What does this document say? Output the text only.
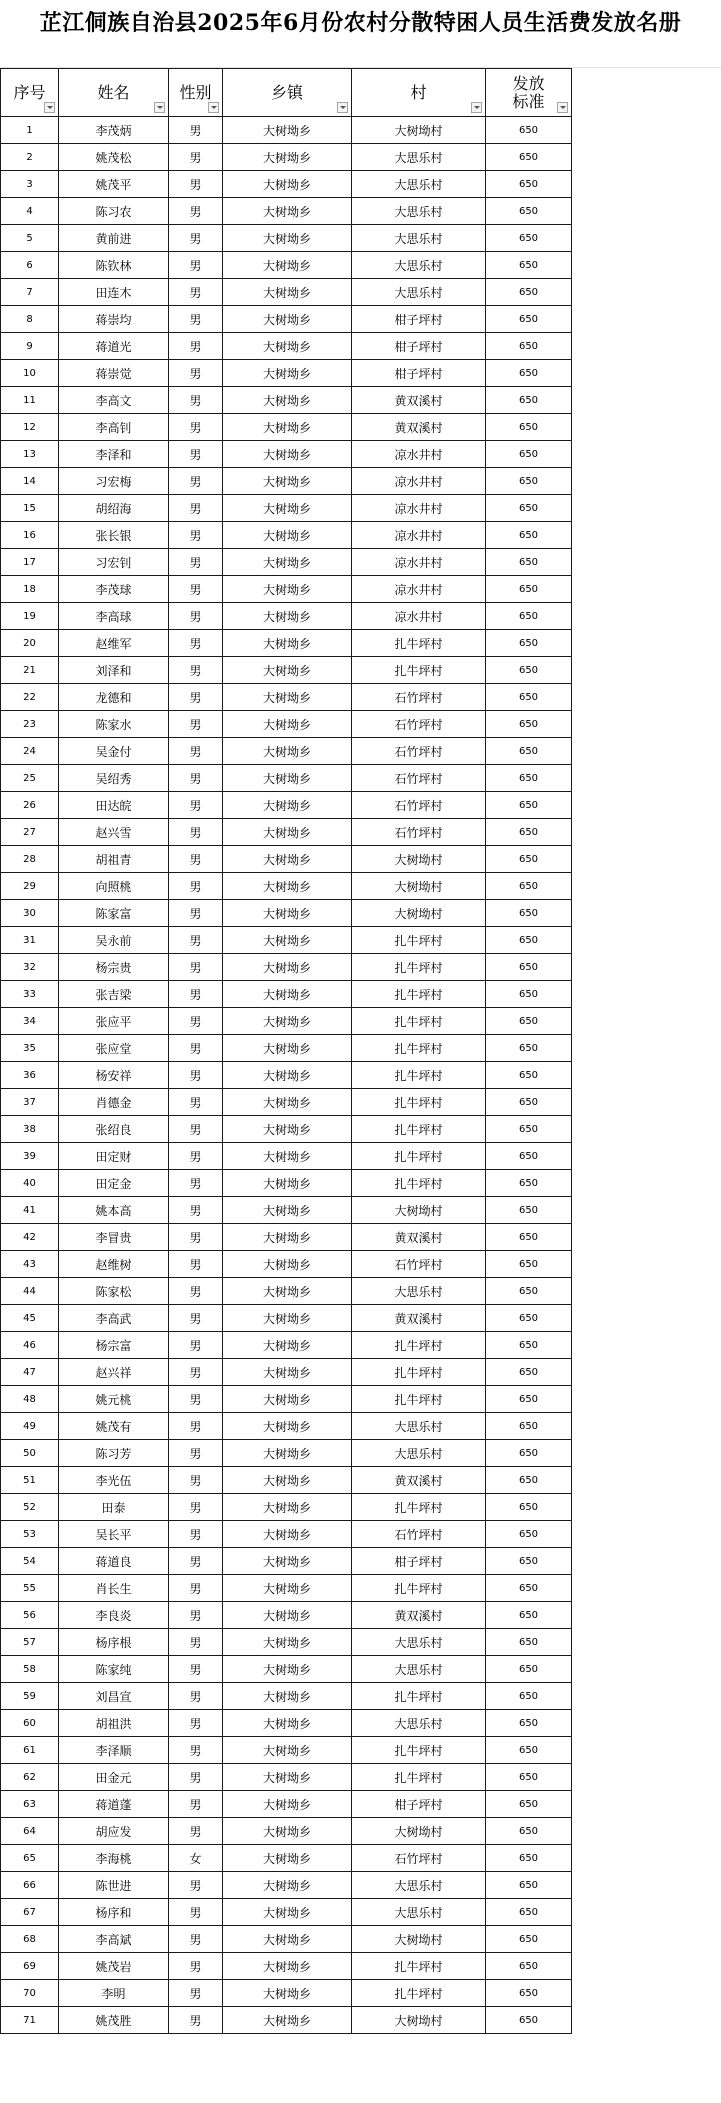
芷江侗族自治县2025年6月份农村分散特困人员生活费发放名册
序号	姓名	性别	乡镇	村	发放
标准

1	李茂炳	男	大树坳乡	大树坳村	650
2	姚茂松	男	大树坳乡	大思乐村	650
3	姚茂平	男	大树坳乡	大思乐村	650
4	陈习农	男	大树坳乡	大思乐村	650
5	黄前进	男	大树坳乡	大思乐村	650
6	陈钦林	男	大树坳乡	大思乐村	650
7	田连木	男	大树坳乡	大思乐村	650
8	蒋崇均	男	大树坳乡	柑子坪村	650
9	蒋道光	男	大树坳乡	柑子坪村	650
10	蒋崇觉	男	大树坳乡	柑子坪村	650
11	李高文	男	大树坳乡	黄双溪村	650
12	李高钊	男	大树坳乡	黄双溪村	650
13	李泽和	男	大树坳乡	凉水井村	650
14	习宏梅	男	大树坳乡	凉水井村	650
15	胡绍海	男	大树坳乡	凉水井村	650
16	张长银	男	大树坳乡	凉水井村	650
17	习宏钊	男	大树坳乡	凉水井村	650
18	李茂球	男	大树坳乡	凉水井村	650
19	李高球	男	大树坳乡	凉水井村	650
20	赵维军	男	大树坳乡	扎牛坪村	650
21	刘泽和	男	大树坳乡	扎牛坪村	650
22	龙德和	男	大树坳乡	石竹坪村	650
23	陈家水	男	大树坳乡	石竹坪村	650
24	吴金付	男	大树坳乡	石竹坪村	650
25	吴绍秀	男	大树坳乡	石竹坪村	650
26	田达皖	男	大树坳乡	石竹坪村	650
27	赵兴雪	男	大树坳乡	石竹坪村	650
28	胡祖青	男	大树坳乡	大树坳村	650
29	向照桃	男	大树坳乡	大树坳村	650
30	陈家富	男	大树坳乡	大树坳村	650
31	吴永前	男	大树坳乡	扎牛坪村	650
32	杨宗贵	男	大树坳乡	扎牛坪村	650
33	张吉梁	男	大树坳乡	扎牛坪村	650
34	张应平	男	大树坳乡	扎牛坪村	650
35	张应堂	男	大树坳乡	扎牛坪村	650
36	杨安祥	男	大树坳乡	扎牛坪村	650
37	肖德金	男	大树坳乡	扎牛坪村	650
38	张绍良	男	大树坳乡	扎牛坪村	650
39	田定财	男	大树坳乡	扎牛坪村	650
40	田定金	男	大树坳乡	扎牛坪村	650
41	姚本高	男	大树坳乡	大树坳村	650
42	李冒贵	男	大树坳乡	黄双溪村	650
43	赵维树	男	大树坳乡	石竹坪村	650
44	陈家松	男	大树坳乡	大思乐村	650
45	李高武	男	大树坳乡	黄双溪村	650
46	杨宗富	男	大树坳乡	扎牛坪村	650
47	赵兴祥	男	大树坳乡	扎牛坪村	650
48	姚元桃	男	大树坳乡	扎牛坪村	650
49	姚茂有	男	大树坳乡	大思乐村	650
50	陈习芳	男	大树坳乡	大思乐村	650
51	李光伍	男	大树坳乡	黄双溪村	650
52	田泰	男	大树坳乡	扎牛坪村	650
53	吴长平	男	大树坳乡	石竹坪村	650
54	蒋道良	男	大树坳乡	柑子坪村	650
55	肖长生	男	大树坳乡	扎牛坪村	650
56	李良炎	男	大树坳乡	黄双溪村	650
57	杨序根	男	大树坳乡	大思乐村	650
58	陈家纯	男	大树坳乡	大思乐村	650
59	刘昌宣	男	大树坳乡	扎牛坪村	650
60	胡祖洪	男	大树坳乡	大思乐村	650
61	李泽顺	男	大树坳乡	扎牛坪村	650
62	田金元	男	大树坳乡	扎牛坪村	650
63	蒋道蓬	男	大树坳乡	柑子坪村	650
64	胡应发	男	大树坳乡	大树坳村	650
65	李海桃	女	大树坳乡	石竹坪村	650
66	陈世进	男	大树坳乡	大思乐村	650
67	杨序和	男	大树坳乡	大思乐村	650
68	李高斌	男	大树坳乡	大树坳村	650
69	姚茂岩	男	大树坳乡	扎牛坪村	650
70	李明	男	大树坳乡	扎牛坪村	650
71	姚茂胜	男	大树坳乡	大树坳村	650
